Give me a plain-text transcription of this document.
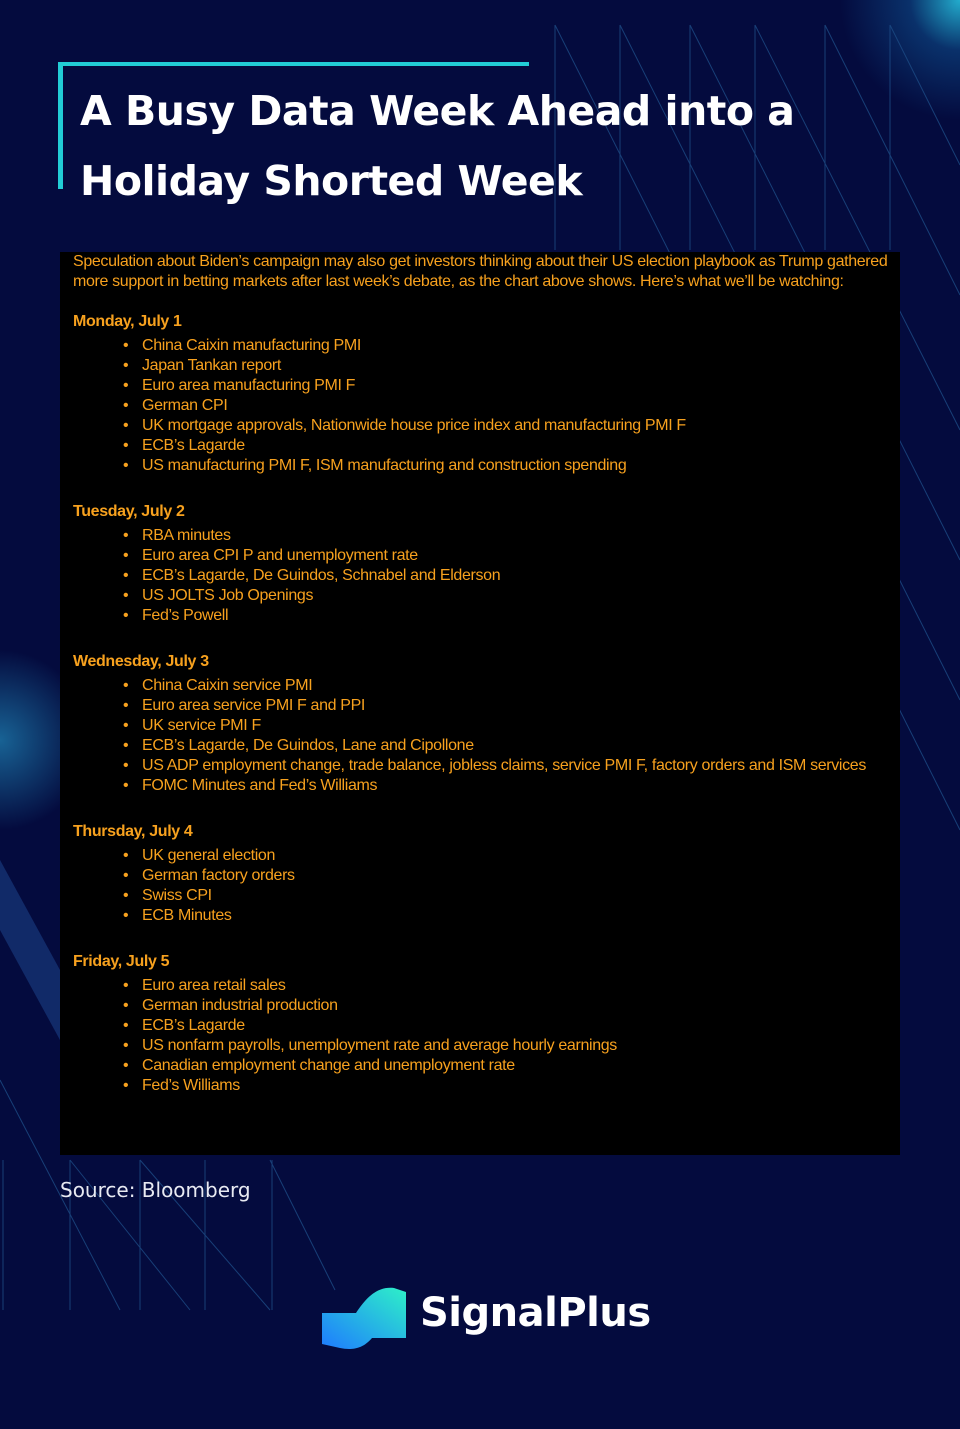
A Busy Data Week Ahead into a
Holiday Shorted Week

Speculation about Biden’s campaign may also get investors thinking about their US election playbook as Trump gathered more support in betting markets after last week’s debate, as the chart above shows. Here’s what we’ll be watching:

Monday, July 1
• China Caixin manufacturing PMI
• Japan Tankan report
• Euro area manufacturing PMI F
• German CPI
• UK mortgage approvals, Nationwide house price index and manufacturing PMI F
• ECB’s Lagarde
• US manufacturing PMI F, ISM manufacturing and construction spending
Tuesday, July 2
• RBA minutes
• Euro area CPI P and unemployment rate
• ECB’s Lagarde, De Guindos, Schnabel and Elderson
• US JOLTS Job Openings
• Fed’s Powell
Wednesday, July 3
• China Caixin service PMI
• Euro area service PMI F and PPI
• UK service PMI F
• ECB’s Lagarde, De Guindos, Lane and Cipollone
• US ADP employment change, trade balance, jobless claims, service PMI F, factory orders and ISM services
• FOMC Minutes and Fed’s Williams
Thursday, July 4
• UK general election
• German factory orders
• Swiss CPI
• ECB Minutes
Friday, July 5
• Euro area retail sales
• German industrial production
• ECB’s Lagarde
• US nonfarm payrolls, unemployment rate and average hourly earnings
• Canadian employment change and unemployment rate
• Fed’s Williams
Source: Bloomberg
SignalPlus
